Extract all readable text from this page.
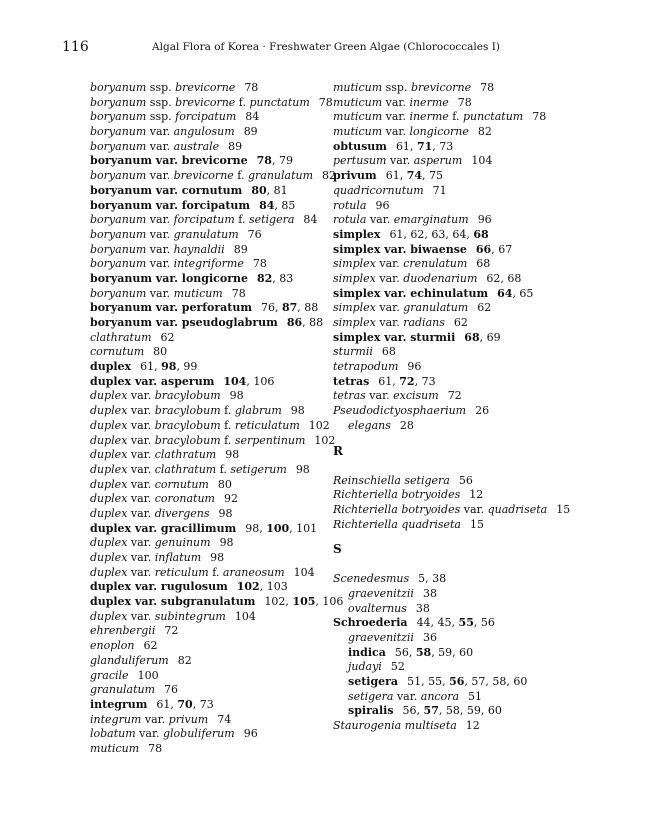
116	Algal Flora of Korea · Freshwater Green Algae (Chlorococcales I)
boryanum ssp. brevicorne 78
boryanum ssp. brevicorne f. punctatum 78
boryanum ssp. forcipatum 84
boryanum var. angulosum 89
boryanum var. australe 89
boryanum var. brevicorne 78, 79
boryanum var. brevicorne f. granulatum 82
boryanum var. cornutum 80, 81
boryanum var. forcipatum 84, 85
boryanum var. forcipatum f. setigera 84
boryanum var. granulatum 76
boryanum var. haynaldii 89
boryanum var. integriforme 78
boryanum var. longicorne 82, 83
boryanum var. muticum 78
boryanum var. perforatum 76, 87, 88
boryanum var. pseudoglabrum 86, 88
clathratum 62
cornutum 80
duplex 61, 98, 99
duplex var. asperum 104, 106
duplex var. bracylobum 98
duplex var. bracylobum f. glabrum 98
duplex var. bracylobum f. reticulatum 102
duplex var. bracylobum f. serpentinum 102
duplex var. clathratum 98
duplex var. clathratum f. setigerum 98
duplex var. cornutum 80
duplex var. coronatum 92
duplex var. divergens 98
duplex var. gracillimum 98, 100, 101
duplex var. genuinum 98
duplex var. inflatum 98
duplex var. reticulum f. araneosum 104
duplex var. rugulosum 102, 103
duplex var. subgranulatum 102, 105, 106
duplex var. subintegrum 104
ehrenbergii 72
enoplon 62
glanduliferum 82
gracile 100
granulatum 76
integrum 61, 70, 73
integrum var. privum 74
lobatum var. globuliferum 96
muticum 78
muticum ssp. brevicorne 78
muticum var. inerme 78
muticum var. inerme f. punctatum 78
muticum var. longicorne 82
obtusum 61, 71, 73
pertusum var. asperum 104
privum 61, 74, 75
quadricornutum 71
rotula 96
rotula var. emarginatum 96
simplex 61, 62, 63, 64, 68
simplex var. biwaense 66, 67
simplex var. crenulatum 68
simplex var. duodenarium 62, 68
simplex var. echinulatum 64, 65
simplex var. granulatum 62
simplex var. radians 62
simplex var. sturmii 68, 69
sturmii 68
tetrapodum 96
tetras 61, 72, 73
tetras var. excisum 72
Pseudodictyosphaerium 26
elegans 28
R
Reinschiella setigera 56
Richteriella botryoides 12
Richteriella botryoides var. quadriseta 15
Richteriella quadriseta 15
S
Scenedesmus 5, 38
graevenitzii 38
ovalternus 38
Schroederia 44, 45, 55, 56
graevenitzii 36
indica 56, 58, 59, 60
judayi 52
setigera 51, 55, 56, 57, 58, 60
setigera var. ancora 51
spiralis 56, 57, 58, 59, 60
Staurogenia multiseta 12
